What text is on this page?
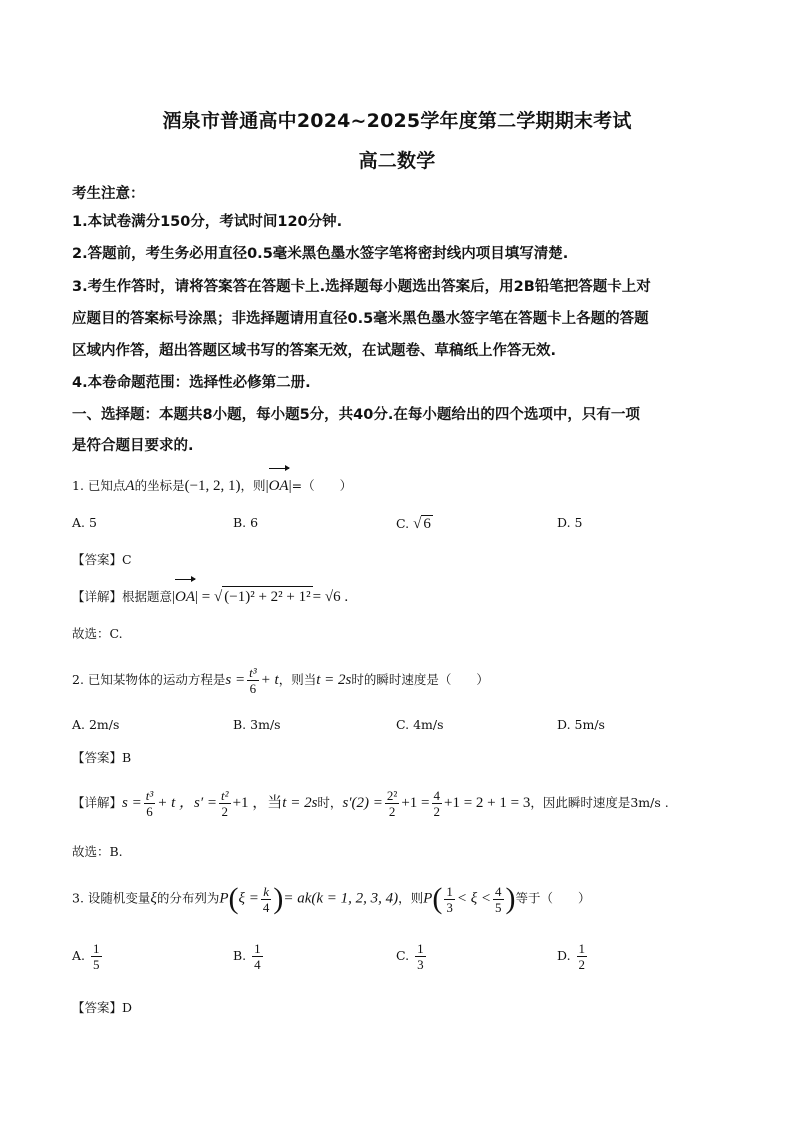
酒泉市普通高中2024~2025学年度第二学期期末考试
高二数学
考生注意：
1.本试卷满分150分，考试时间120分钟.
2.答题前，考生务必用直径0.5毫米黑色墨水签字笔将密封线内项目填写清楚.
3.考生作答时，请将答案答在答题卡上.选择题每小题选出答案后，用2B铅笔把答题卡上对
应题目的答案标号涂黑；非选择题请用直径0.5毫米黑色墨水签字笔在答题卡上各题的答题
区域内作答，超出答题区域书写的答案无效，在试题卷、草稿纸上作答无效.
4.本卷命题范围：选择性必修第二册.
一、选择题：本题共8小题，每小题5分，共40分.在每小题给出的四个选项中，只有一项
是符合题目要求的.
1. 已知点A的坐标是(−1, 2, 1)，则|
OA|=（　　）
A. 5	B. 6	C. √ 6	D. 5
【答案】C
【详解】根据题意|
OA| = √ (−1)² + 2² + 1² = √6 .
故选：C.
2. 已知某物体的运动方程是$s = \frac{\text{t³}}{6} + t$，则当t = 2s时的瞬时速度是（　　）
A. 2m/s	B. 3m/s	C. 4m/s	D. 5m/s
【答案】B
【详解】$s = \frac{\text{t³}}{6} + t$ ，$s' = \frac{\text{t²}}{2} +1$ ，当t = 2s时，$s'(2) = \frac{\text{2²}}{2} +1 = \frac{4}{2} +1 = 2 + 1 = 3$，因此瞬时速度是3m/s .
故选：B.
3. 设随机变量ξ的分布列为$P(\xi = \frac{k}{4}$ )= ak(k = 1, 2, 3, 4)，则$P( \frac{1}{3} < \xi < \frac{4}{5}$ )等于（　　）
A. $\frac{1}{5}$	B. $\frac{1}{4}$	C. $\frac{1}{3}$	D. $\frac{1}{2}$
【答案】D
